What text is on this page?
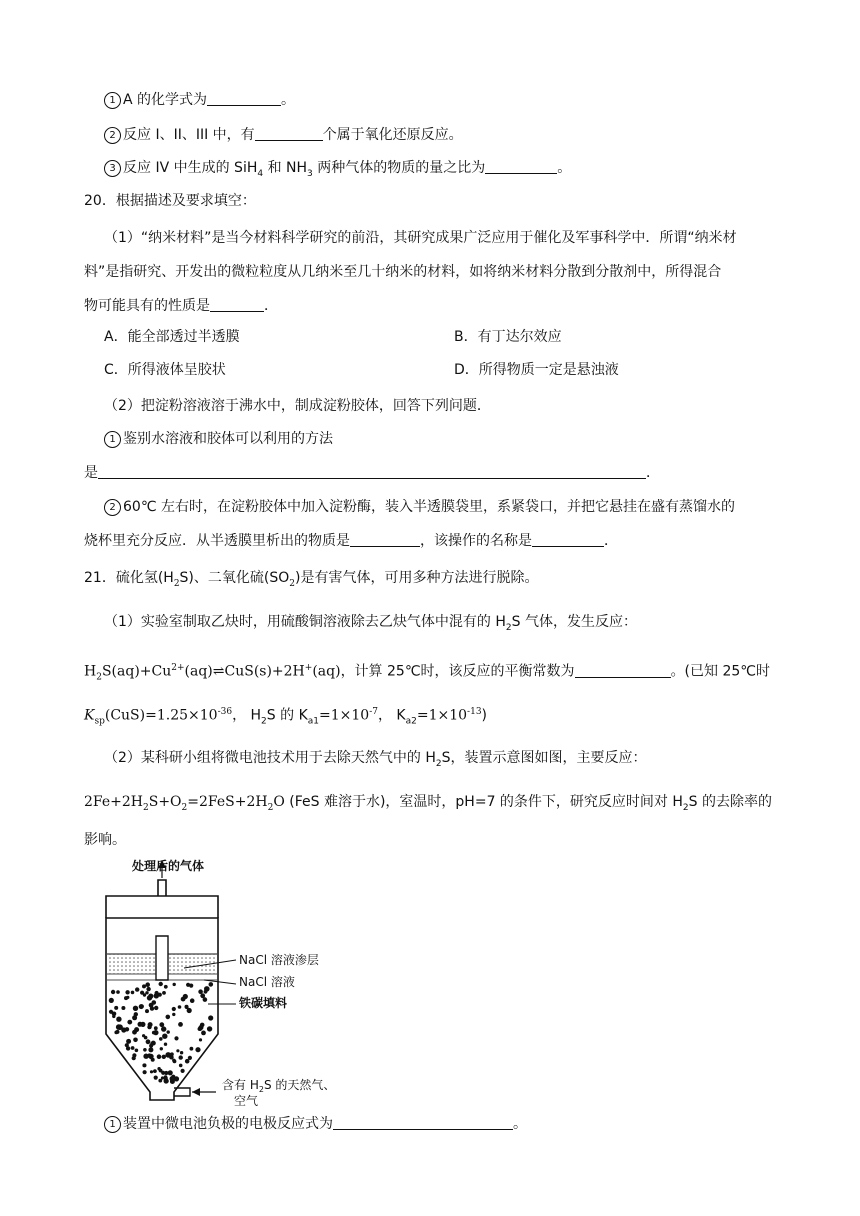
1 A 的化学式为	。
2 反应 I、II、III 中，有	个属于氧化还原反应。
3 反应 IV 中生成的 SiH$_4$ 和 $NH_3$ 两种气体的物质的量之比为	。
20．根据描述及要求填空：
（1）“纳米材料”是当今材料科学研究的前沿，其研究成果广泛应用于催化及军事科学中．所谓“纳米材
料”是指研究、开发出的微粒粒度从几纳米至几十纳米的材料，如将纳米材料分散到分散剂中，所得混合
物可能具有的性质是	．
A．能全部透过半透膜	B．有丁达尔效应
C．所得液体呈胶状	D．所得物质一定是悬浊液
（2）把淀粉溶液溶于沸水中，制成淀粉胶体，回答下列问题．
1 鉴别水溶液和胶体可以利用的方法
是	．
2 60℃ 左右时，在淀粉胶体中加入淀粉酶，装入半透膜袋里，系紧袋口，并把它悬挂在盛有蒸馏水的
烧杯里充分反应．从半透膜里析出的物质是	，该操作的名称是	．
21．硫化氢$(H_2S)$、二氧化硫$(SO_2)$是有害气体，可用多种方法进行脱除。
（1）实验室制取乙炔时，用硫酸铜溶液除去乙炔气体中混有的 $H_2S$ 气体，发生反应：
$H_2S(aq)+Cu^{2+}(aq)\rightleftharpoons CuS(s)+2H^+(aq)$，计算 25℃时，该反应的平衡常数为	。(已知 25℃时
$K_{sp}(CuS)=1.25\times 10^{-36}$， $H_2S$ 的 $K_{a1}=1\times 10^{-7}$， $K_{a2}=1\times 10^{-13}$)
（2）某科研小组将微电池技术用于去除天然气中的 $H_2S$，装置示意图如图，主要反应：
$2Fe+2H_2S+O_2=2FeS+2H_2O$ (FeS 难溶于水)，室温时，pH=7 的条件下，研究反应时间对 $H_2S$ 的去除率的
影响。
处理后的气体
NaCl 溶液渗层
NaCl 溶液
铁碳填料
含有 $H_2S$ 的天然气、
空气
1 装置中微电池负极的电极反应式为	。
